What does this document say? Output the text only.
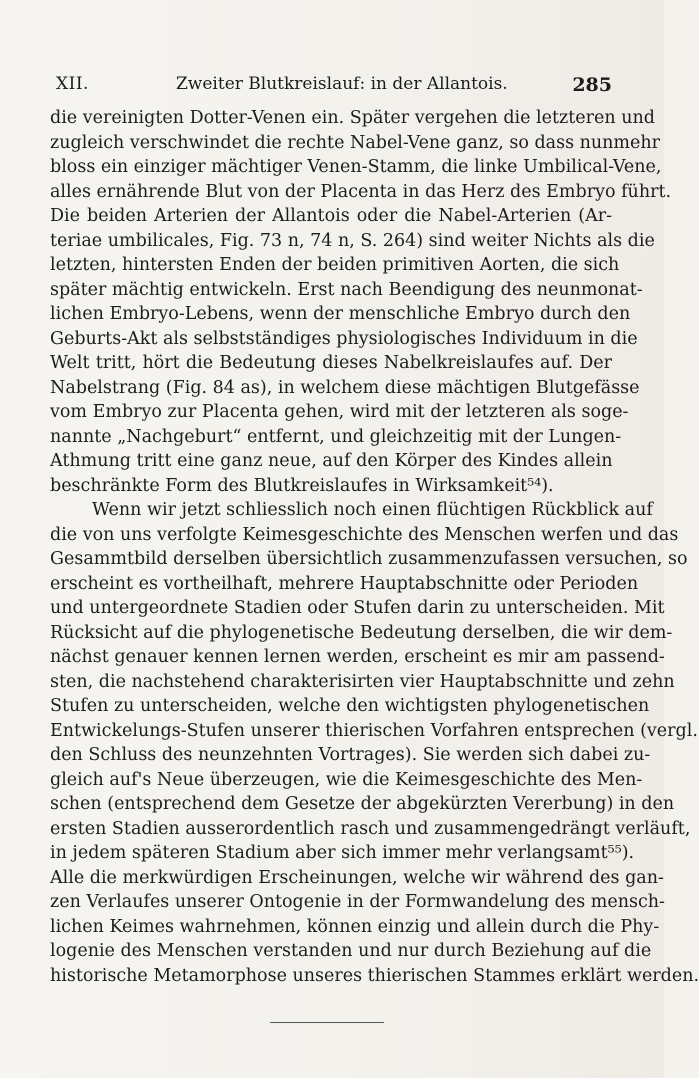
XII.	Zweiter Blutkreislauf: in der Allantois.	285
die vereinigten Dotter-Venen ein. Später vergehen die letzteren und
zugleich verschwindet die rechte Nabel-Vene ganz, so dass nunmehr
bloss ein einziger mächtiger Venen-Stamm, die linke Umbilical-Vene,
alles ernährende Blut von der Placenta in das Herz des Embryo führt.
Die beiden Arterien der Allantois oder die Nabel-Arterien (Ar-
teriae umbilicales, Fig. 73 n, 74 n, S. 264) sind weiter Nichts als die
letzten, hintersten Enden der beiden primitiven Aorten, die sich
später mächtig entwickeln. Erst nach Beendigung des neunmonat-
lichen Embryo-Lebens, wenn der menschliche Embryo durch den
Geburts-Akt als selbstständiges physiologisches Individuum in die
Welt tritt, hört die Bedeutung dieses Nabelkreislaufes auf. Der
Nabelstrang (Fig. 84 as), in welchem diese mächtigen Blutgefässe
vom Embryo zur Placenta gehen, wird mit der letzteren als soge-
nannte „Nachgeburt“ entfernt, und gleichzeitig mit der Lungen-
Athmung tritt eine ganz neue, auf den Körper des Kindes allein
beschränkte Form des Blutkreislaufes in Wirksamkeit⁵⁴).
Wenn wir jetzt schliesslich noch einen flüchtigen Rückblick auf
die von uns verfolgte Keimesgeschichte des Menschen werfen und das
Gesammtbild derselben übersichtlich zusammenzufassen versuchen, so
erscheint es vortheilhaft, mehrere Hauptabschnitte oder Perioden
und untergeordnete Stadien oder Stufen darin zu unterscheiden. Mit
Rücksicht auf die phylogenetische Bedeutung derselben, die wir dem-
nächst genauer kennen lernen werden, erscheint es mir am passend-
sten, die nachstehend charakterisirten vier Hauptabschnitte und zehn
Stufen zu unterscheiden, welche den wichtigsten phylogenetischen
Entwickelungs-Stufen unserer thierischen Vorfahren entsprechen (vergl.
den Schluss des neunzehnten Vortrages). Sie werden sich dabei zu-
gleich auf's Neue überzeugen, wie die Keimesgeschichte des Men-
schen (entsprechend dem Gesetze der abgekürzten Vererbung) in den
ersten Stadien ausserordentlich rasch und zusammengedrängt verläuft,
in jedem späteren Stadium aber sich immer mehr verlangsamt⁵⁵).
Alle die merkwürdigen Erscheinungen, welche wir während des gan-
zen Verlaufes unserer Ontogenie in der Formwandelung des mensch-
lichen Keimes wahrnehmen, können einzig und allein durch die Phy-
logenie des Menschen verstanden und nur durch Beziehung auf die
historische Metamorphose unseres thierischen Stammes erklärt werden.
